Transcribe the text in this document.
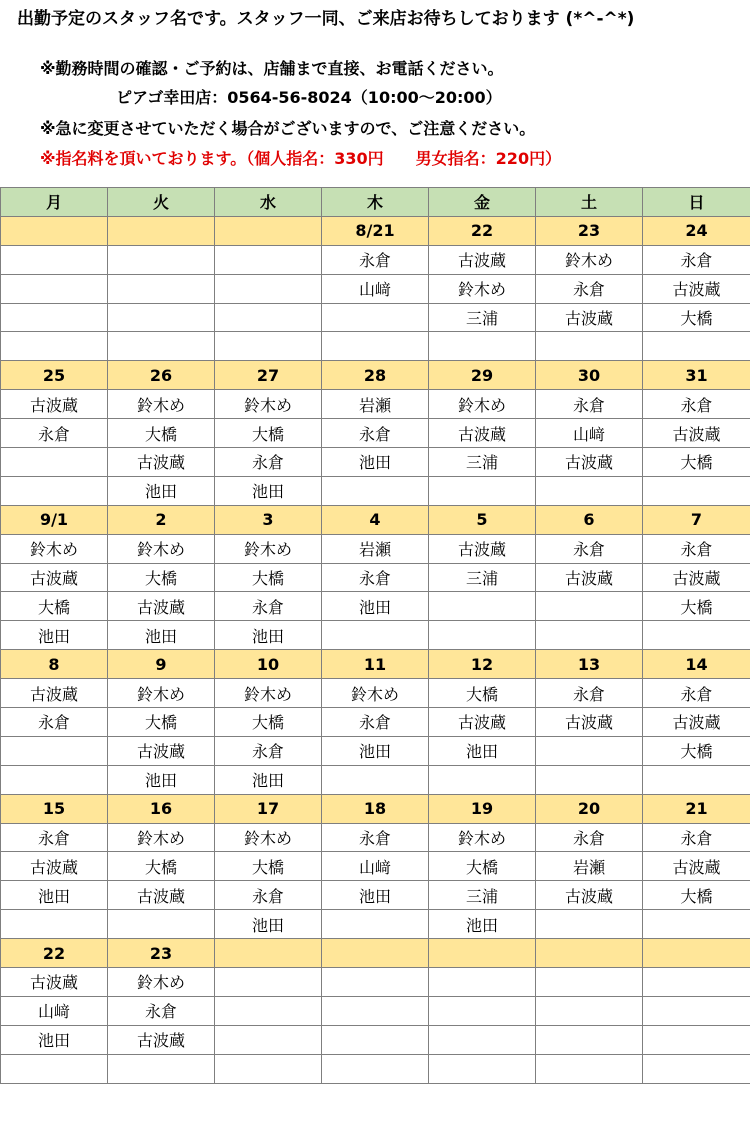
出勤予定のスタッフ名です。スタッフ一同、ご来店お待ちしております (*^-^*)
※勤務時間の確認・ご予約は、店舗まで直接、お電話ください。
ピアゴ幸田店：0564-56-8024（10:00～20:00）
※急に変更させていただく場合がございますので、ご注意ください。
※指名料を頂いております。（個人指名：330円　　男女指名：220円）
月	火	水	木	金	土	日
			8/21	22	23	24
			永倉	古波蔵	鈴木め	永倉
			山﨑	鈴木め	永倉	古波蔵
				三浦	古波蔵	大橋

25	26	27	28	29	30	31
古波蔵	鈴木め	鈴木め	岩瀬	鈴木め	永倉	永倉
永倉	大橋	大橋	永倉	古波蔵	山﨑	古波蔵
	古波蔵	永倉	池田	三浦	古波蔵	大橋
	池田	池田				
9/1	2	3	4	5	6	7
鈴木め	鈴木め	鈴木め	岩瀬	古波蔵	永倉	永倉
古波蔵	大橋	大橋	永倉	三浦	古波蔵	古波蔵
大橋	古波蔵	永倉	池田			大橋
池田	池田	池田				
8	9	10	11	12	13	14
古波蔵	鈴木め	鈴木め	鈴木め	大橋	永倉	永倉
永倉	大橋	大橋	永倉	古波蔵	古波蔵	古波蔵
	古波蔵	永倉	池田	池田		大橋
	池田	池田				
15	16	17	18	19	20	21
永倉	鈴木め	鈴木め	永倉	鈴木め	永倉	永倉
古波蔵	大橋	大橋	山﨑	大橋	岩瀬	古波蔵
池田	古波蔵	永倉	池田	三浦	古波蔵	大橋
		池田		池田		
22	23					
古波蔵	鈴木め					
山﨑	永倉					
池田	古波蔵					
